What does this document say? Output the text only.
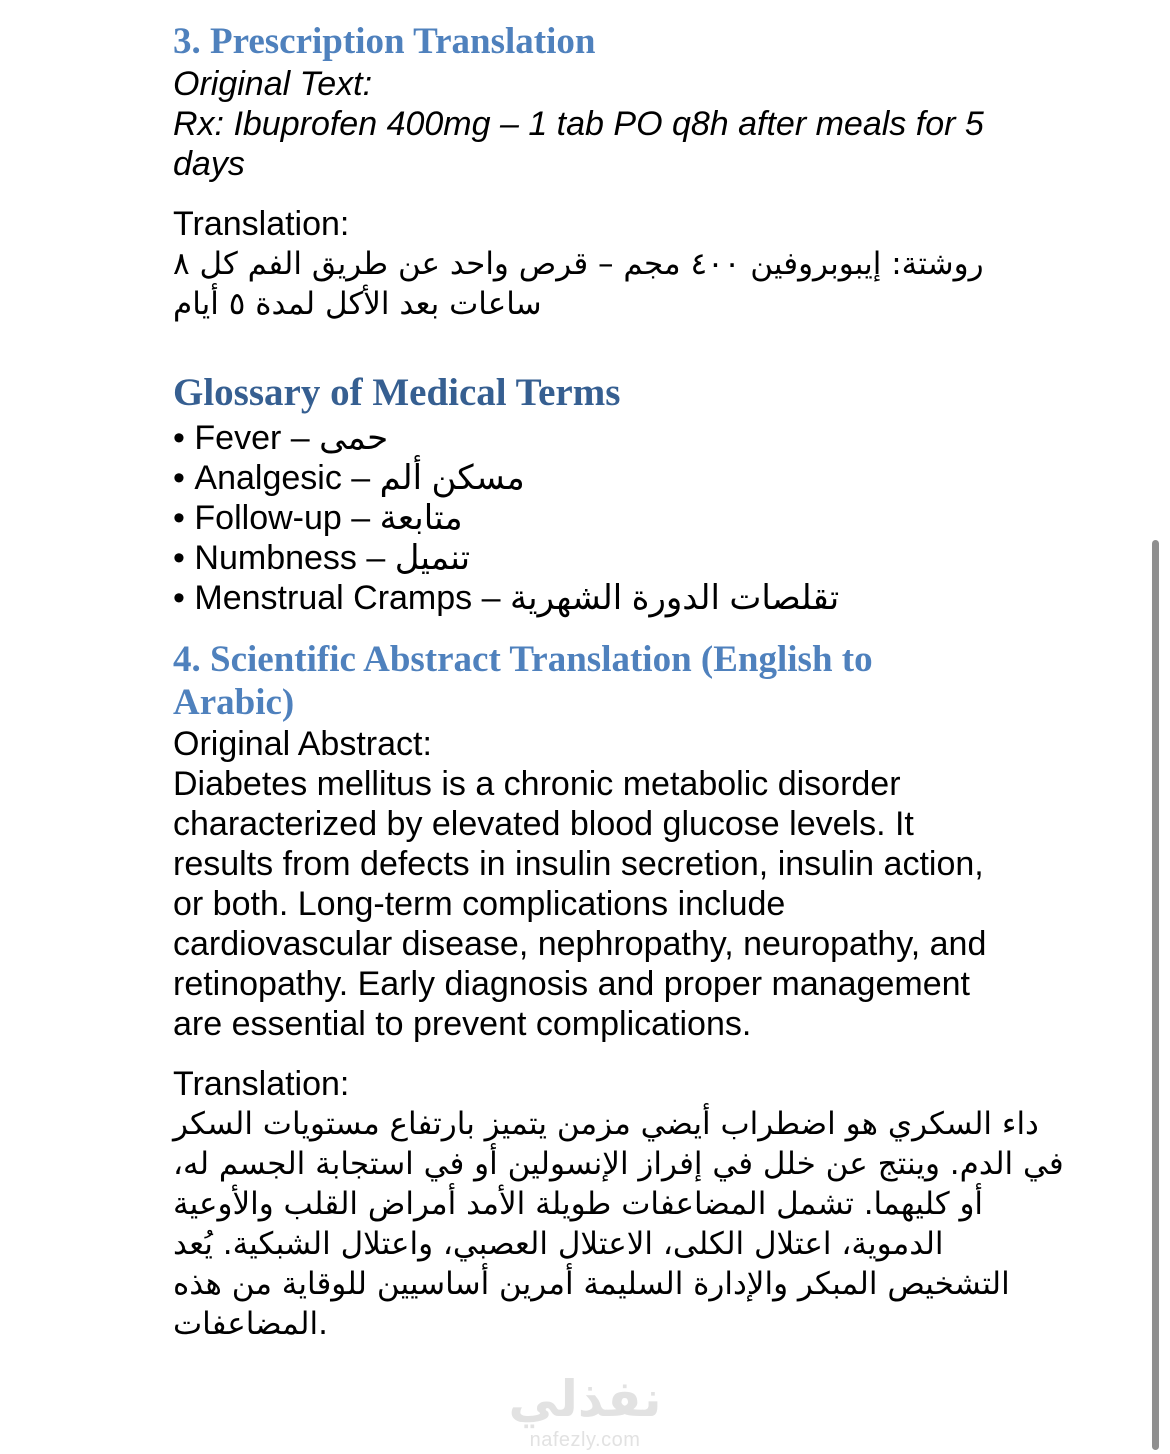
3. Prescription Translation
Original Text:
Rx: Ibuprofen 400mg – 1 tab PO q8h after meals for 5
days
Translation:
روشتة: إيبوبروفين ٤٠٠ مجم – قرص واحد عن طريق الفم كل ٨
ساعات بعد الأكل لمدة ٥ أيام
Glossary of Medical Terms
• Fever – حمى
• Analgesic – مسكن ألم
• Follow-up – متابعة
• Numbness – تنميل
• Menstrual Cramps – تقلصات الدورة الشهرية
4. Scientific Abstract Translation (English to
Arabic)
Original Abstract:
Diabetes mellitus is a chronic metabolic disorder
characterized by elevated blood glucose levels. It
results from defects in insulin secretion, insulin action,
or both. Long-term complications include
cardiovascular disease, nephropathy, neuropathy, and
retinopathy. Early diagnosis and proper management
are essential to prevent complications.
Translation:
داء السكري هو اضطراب أيضي مزمن يتميز بارتفاع مستويات السكر
في الدم. وينتج عن خلل في إفراز الإنسولين أو في استجابة الجسم له،
أو كليهما. تشمل المضاعفات طويلة الأمد أمراض القلب والأوعية
الدموية، اعتلال الكلى، الاعتلال العصبي، واعتلال الشبكية. يُعد
التشخيص المبكر والإدارة السليمة أمرين أساسيين للوقاية من هذه
المضاعفات.
نفذلي
nafezly.com
